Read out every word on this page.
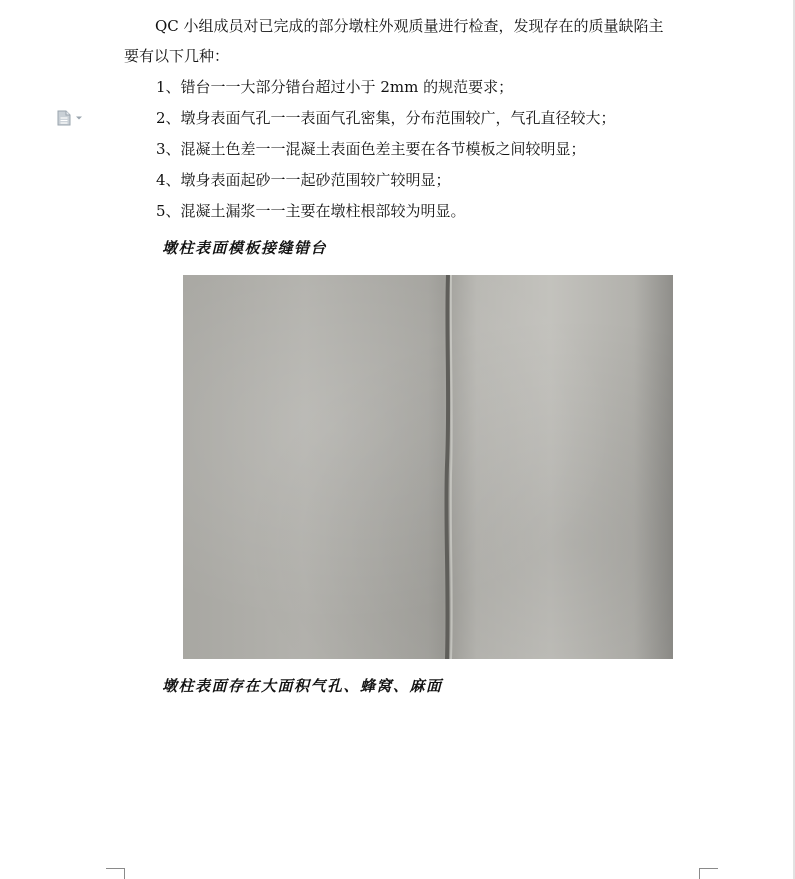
QC 小组成员对已完成的部分墩柱外观质量进行检查，发现存在的质量缺陷主

要有以下几种：

1、错台一一大部分错台超过小于 2mm 的规范要求；
2、墩身表面气孔一一表面气孔密集，分布范围较广，气孔直径较大；
3、混凝土色差一一混凝土表面色差主要在各节模板之间较明显；
4、墩身表面起砂一一起砂范围较广较明显；
5、混凝土漏浆一一主要在墩柱根部较为明显。
墩柱表面模板接缝错台
墩柱表面存在大面积气孔、蜂窝、麻面
